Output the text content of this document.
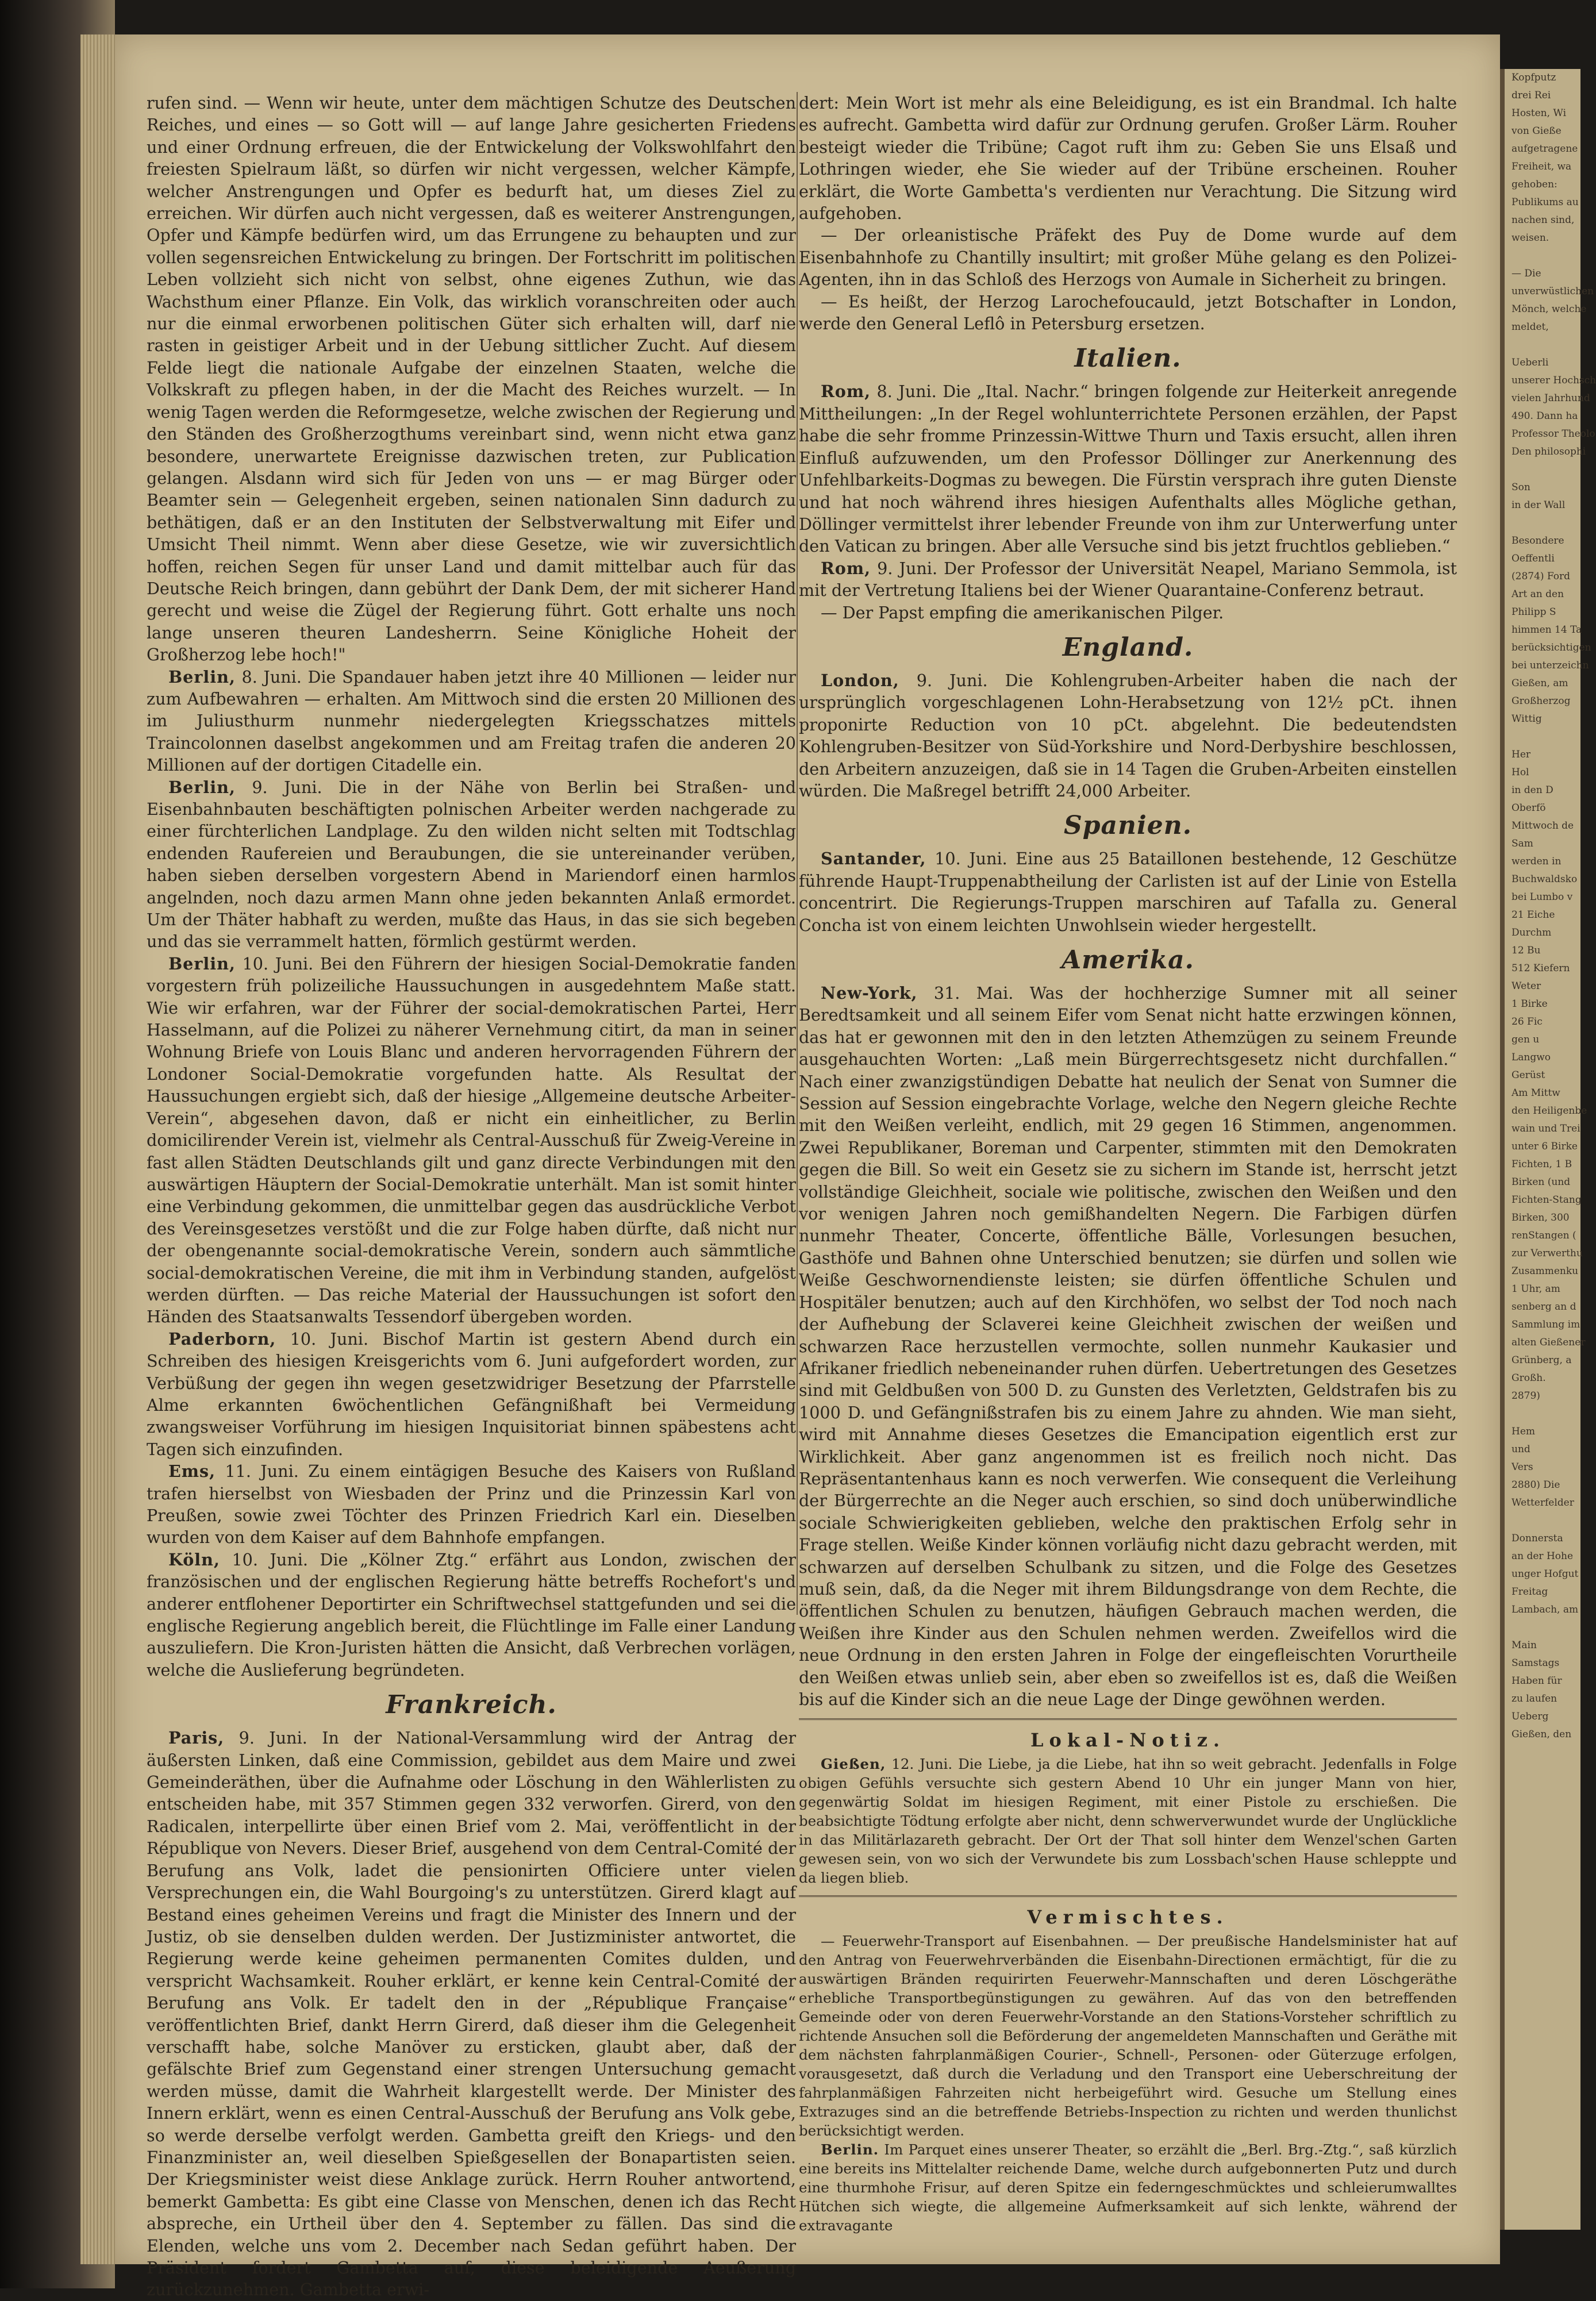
rufen sind. — Wenn wir heute, unter dem mächtigen Schutze des Deutschen Reiches, und eines — so Gott will — auf lange Jahre gesicherten Friedens und einer Ordnung erfreuen, die der Entwickelung der Volkswohlfahrt den freiesten Spielraum läßt, so dürfen wir nicht vergessen, welcher Kämpfe, welcher Anstrengungen und Opfer es bedurft hat, um dieses Ziel zu erreichen. Wir dürfen auch nicht vergessen, daß es weiterer Anstrengungen, Opfer und Kämpfe bedürfen wird, um das Errungene zu behaupten und zur vollen segensreichen Entwickelung zu bringen. Der Fortschritt im politischen Leben vollzieht sich nicht von selbst, ohne eigenes Zuthun, wie das Wachsthum einer Pflanze. Ein Volk, das wirklich voranschreiten oder auch nur die einmal erworbenen politischen Güter sich erhalten will, darf nie rasten in geistiger Arbeit und in der Uebung sittlicher Zucht. Auf diesem Felde liegt die nationale Aufgabe der einzelnen Staaten, welche die Volkskraft zu pflegen haben, in der die Macht des Reiches wurzelt. — In wenig Tagen werden die Reformgesetze, welche zwischen der Regierung und den Ständen des Großherzogthums vereinbart sind, wenn nicht etwa ganz besondere, unerwartete Ereignisse dazwischen treten, zur Publication gelangen. Alsdann wird sich für Jeden von uns — er mag Bürger oder Beamter sein — Gelegenheit ergeben, seinen nationalen Sinn dadurch zu bethätigen, daß er an den Instituten der Selbstverwaltung mit Eifer und Umsicht Theil nimmt. Wenn aber diese Gesetze, wie wir zuversichtlich hoffen, reichen Segen für unser Land und damit mittelbar auch für das Deutsche Reich bringen, dann gebührt der Dank Dem, der mit sicherer Hand gerecht und weise die Zügel der Regierung führt. Gott erhalte uns noch lange unseren theuren Landesherrn. Seine Königliche Hoheit der Großherzog lebe hoch!"

Berlin, 8. Juni. Die Spandauer haben jetzt ihre 40 Millionen — leider nur zum Aufbewahren — erhalten. Am Mittwoch sind die ersten 20 Millionen des im Juliusthurm nunmehr niedergelegten Kriegsschatzes mittels Traincolonnen daselbst angekommen und am Freitag trafen die anderen 20 Millionen auf der dortigen Citadelle ein.

Berlin, 9. Juni. Die in der Nähe von Berlin bei Straßen- und Eisenbahnbauten beschäftigten polnischen Arbeiter werden nachgerade zu einer fürchterlichen Landplage. Zu den wilden nicht selten mit Todtschlag endenden Raufereien und Beraubungen, die sie untereinander verüben, haben sieben derselben vorgestern Abend in Mariendorf einen harmlos angelnden, noch dazu armen Mann ohne jeden bekannten Anlaß ermordet. Um der Thäter habhaft zu werden, mußte das Haus, in das sie sich begeben und das sie verrammelt hatten, förmlich gestürmt werden.

Berlin, 10. Juni. Bei den Führern der hiesigen Social-Demokratie fanden vorgestern früh polizeiliche Haussuchungen in ausgedehntem Maße statt. Wie wir erfahren, war der Führer der social-demokratischen Partei, Herr Hasselmann, auf die Polizei zu näherer Vernehmung citirt, da man in seiner Wohnung Briefe von Louis Blanc und anderen hervorragenden Führern der Londoner Social-Demokratie vorgefunden hatte. Als Resultat der Haussuchungen ergiebt sich, daß der hiesige „Allgemeine deutsche Arbeiter-Verein“, abgesehen davon, daß er nicht ein einheitlicher, zu Berlin domicilirender Verein ist, vielmehr als Central-Ausschuß für Zweig-Vereine in fast allen Städten Deutschlands gilt und ganz directe Verbindungen mit den auswärtigen Häuptern der Social-Demokratie unterhält. Man ist somit hinter eine Verbindung gekommen, die unmittelbar gegen das ausdrückliche Verbot des Vereinsgesetzes verstößt und die zur Folge haben dürfte, daß nicht nur der obengenannte social-demokratische Verein, sondern auch sämmtliche social-demokratischen Vereine, die mit ihm in Verbindung standen, aufgelöst werden dürften. — Das reiche Material der Haussuchungen ist sofort den Händen des Staatsanwalts Tessendorf übergeben worden.

Paderborn, 10. Juni. Bischof Martin ist gestern Abend durch ein Schreiben des hiesigen Kreisgerichts vom 6. Juni aufgefordert worden, zur Verbüßung der gegen ihn wegen gesetzwidriger Besetzung der Pfarrstelle Alme erkannten 6wöchentlichen Gefängnißhaft bei Vermeidung zwangsweiser Vorführung im hiesigen Inquisitoriat binnen späbestens acht Tagen sich einzufinden.

Ems, 11. Juni. Zu einem eintägigen Besuche des Kaisers von Rußland trafen hierselbst von Wiesbaden der Prinz und die Prinzessin Karl von Preußen, sowie zwei Töchter des Prinzen Friedrich Karl ein. Dieselben wurden von dem Kaiser auf dem Bahnhofe empfangen.

Köln, 10. Juni. Die „Kölner Ztg.“ erfährt aus London, zwischen der französischen und der englischen Regierung hätte betreffs Rochefort's und anderer entflohener Deportirter ein Schriftwechsel stattgefunden und sei die englische Regierung angeblich bereit, die Flüchtlinge im Falle einer Landung auszuliefern. Die Kron-Juristen hätten die Ansicht, daß Verbrechen vorlägen, welche die Auslieferung begründeten.

Frankreich.

Paris, 9. Juni. In der National-Versammlung wird der Antrag der äußersten Linken, daß eine Commission, gebildet aus dem Maire und zwei Gemeinderäthen, über die Aufnahme oder Löschung in den Wählerlisten zu entscheiden habe, mit 357 Stimmen gegen 332 verworfen. Girerd, von den Radicalen, interpellirte über einen Brief vom 2. Mai, veröffentlicht in der République von Nevers. Dieser Brief, ausgehend von dem Central-Comité der Berufung ans Volk, ladet die pensionirten Officiere unter vielen Versprechungen ein, die Wahl Bourgoing's zu unterstützen. Girerd klagt auf Bestand eines geheimen Vereins und fragt die Minister des Innern und der Justiz, ob sie denselben dulden werden. Der Justizminister antwortet, die Regierung werde keine geheimen permanenten Comites dulden, und verspricht Wachsamkeit. Rouher erklärt, er kenne kein Central-Comité der Berufung ans Volk. Er tadelt den in der „République Française“ veröffentlichten Brief, dankt Herrn Girerd, daß dieser ihm die Gelegenheit verschafft habe, solche Manöver zu ersticken, glaubt aber, daß der gefälschte Brief zum Gegenstand einer strengen Untersuchung gemacht werden müsse, damit die Wahrheit klargestellt werde. Der Minister des Innern erklärt, wenn es einen Central-Ausschuß der Berufung ans Volk gebe, so werde derselbe verfolgt werden. Gambetta greift den Kriegs- und den Finanzminister an, weil dieselben Spießgesellen der Bonapartisten seien. Der Kriegsminister weist diese Anklage zurück. Herrn Rouher antwortend, bemerkt Gambetta: Es gibt eine Classe von Menschen, denen ich das Recht abspreche, ein Urtheil über den 4. September zu fällen. Das sind die Elenden, welche uns vom 2. December nach Sedan geführt haben. Der Präsident fordert Gambetta auf, diese beleidigende Aeußerung zurückzunehmen. Gambetta erwi-

dert: Mein Wort ist mehr als eine Beleidigung, es ist ein Brandmal. Ich halte es aufrecht. Gambetta wird dafür zur Ordnung gerufen. Großer Lärm. Rouher besteigt wieder die Tribüne; Cagot ruft ihm zu: Geben Sie uns Elsaß und Lothringen wieder, ehe Sie wieder auf der Tribüne erscheinen. Rouher erklärt, die Worte Gambetta's verdienten nur Verachtung. Die Sitzung wird aufgehoben.

— Der orleanistische Präfekt des Puy de Dome wurde auf dem Eisenbahnhofe zu Chantilly insultirt; mit großer Mühe gelang es den Polizei-Agenten, ihn in das Schloß des Herzogs von Aumale in Sicherheit zu bringen.

— Es heißt, der Herzog Larochefoucauld, jetzt Botschafter in London, werde den General Leflô in Petersburg ersetzen.

Italien.

Rom, 8. Juni. Die „Ital. Nachr.“ bringen folgende zur Heiterkeit anregende Mittheilungen: „In der Regel wohlunterrichtete Personen erzählen, der Papst habe die sehr fromme Prinzessin-Wittwe Thurn und Taxis ersucht, allen ihren Einfluß aufzuwenden, um den Professor Döllinger zur Anerkennung des Unfehlbarkeits-Dogmas zu bewegen. Die Fürstin versprach ihre guten Dienste und hat noch während ihres hiesigen Aufenthalts alles Mögliche gethan, Döllinger vermittelst ihrer lebender Freunde von ihm zur Unterwerfung unter den Vatican zu bringen. Aber alle Versuche sind bis jetzt fruchtlos geblieben.“

Rom, 9. Juni. Der Professor der Universität Neapel, Mariano Semmola, ist mit der Vertretung Italiens bei der Wiener Quarantaine-Conferenz betraut.

— Der Papst empfing die amerikanischen Pilger.

England.

London, 9. Juni. Die Kohlengruben-Arbeiter haben die nach der ursprünglich vorgeschlagenen Lohn-Herabsetzung von 12½ pCt. ihnen proponirte Reduction von 10 pCt. abgelehnt. Die bedeutendsten Kohlengruben-Besitzer von Süd-Yorkshire und Nord-Derbyshire beschlossen, den Arbeitern anzuzeigen, daß sie in 14 Tagen die Gruben-Arbeiten einstellen würden. Die Maßregel betrifft 24,000 Arbeiter.

Spanien.

Santander, 10. Juni. Eine aus 25 Bataillonen bestehende, 12 Geschütze führende Haupt-Truppenabtheilung der Carlisten ist auf der Linie von Estella concentrirt. Die Regierungs-Truppen marschiren auf Tafalla zu. General Concha ist von einem leichten Unwohlsein wieder hergestellt.

Amerika.

New-York, 31. Mai. Was der hochherzige Sumner mit all seiner Beredtsamkeit und all seinem Eifer vom Senat nicht hatte erzwingen können, das hat er gewonnen mit den in den letzten Athemzügen zu seinem Freunde ausgehauchten Worten: „Laß mein Bürgerrechtsgesetz nicht durchfallen.“ Nach einer zwanzigstündigen Debatte hat neulich der Senat von Sumner die Session auf Session eingebrachte Vorlage, welche den Negern gleiche Rechte mit den Weißen verleiht, endlich, mit 29 gegen 16 Stimmen, angenommen. Zwei Republikaner, Boreman und Carpenter, stimmten mit den Demokraten gegen die Bill. So weit ein Gesetz sie zu sichern im Stande ist, herrscht jetzt vollständige Gleichheit, sociale wie politische, zwischen den Weißen und den vor wenigen Jahren noch gemißhandelten Negern. Die Farbigen dürfen nunmehr Theater, Concerte, öffentliche Bälle, Vorlesungen besuchen, Gasthöfe und Bahnen ohne Unterschied benutzen; sie dürfen und sollen wie Weiße Geschwornendienste leisten; sie dürfen öffentliche Schulen und Hospitäler benutzen; auch auf den Kirchhöfen, wo selbst der Tod noch nach der Aufhebung der Sclaverei keine Gleichheit zwischen der weißen und schwarzen Race herzustellen vermochte, sollen nunmehr Kaukasier und Afrikaner friedlich nebeneinander ruhen dürfen. Uebertretungen des Gesetzes sind mit Geldbußen von 500 D. zu Gunsten des Verletzten, Geldstrafen bis zu 1000 D. und Gefängnißstrafen bis zu einem Jahre zu ahnden. Wie man sieht, wird mit Annahme dieses Gesetzes die Emancipation eigentlich erst zur Wirklichkeit. Aber ganz angenommen ist es freilich noch nicht. Das Repräsentantenhaus kann es noch verwerfen. Wie consequent die Verleihung der Bürgerrechte an die Neger auch erschien, so sind doch unüberwindliche sociale Schwierigkeiten geblieben, welche den praktischen Erfolg sehr in Frage stellen. Weiße Kinder können vorläufig nicht dazu gebracht werden, mit schwarzen auf derselben Schulbank zu sitzen, und die Folge des Gesetzes muß sein, daß, da die Neger mit ihrem Bildungsdrange von dem Rechte, die öffentlichen Schulen zu benutzen, häufigen Gebrauch machen werden, die Weißen ihre Kinder aus den Schulen nehmen werden. Zweifellos wird die neue Ordnung in den ersten Jahren in Folge der eingefleischten Vorurtheile den Weißen etwas unlieb sein, aber eben so zweifellos ist es, daß die Weißen bis auf die Kinder sich an die neue Lage der Dinge gewöhnen werden.

Lokal-Notiz.

Gießen, 12. Juni. Die Liebe, ja die Liebe, hat ihn so weit gebracht. Jedenfalls in Folge obigen Gefühls versuchte sich gestern Abend 10 Uhr ein junger Mann von hier, gegenwärtig Soldat im hiesigen Regiment, mit einer Pistole zu erschießen. Die beabsichtigte Tödtung erfolgte aber nicht, denn schwerverwundet wurde der Unglückliche in das Militärlazareth gebracht. Der Ort der That soll hinter dem Wenzel'schen Garten gewesen sein, von wo sich der Verwundete bis zum Lossbach'schen Hause schleppte und da liegen blieb.

Vermischtes.

— Feuerwehr-Transport auf Eisenbahnen. — Der preußische Handelsminister hat auf den Antrag von Feuerwehrverbänden die Eisenbahn-Directionen ermächtigt, für die zu auswärtigen Bränden requirirten Feuerwehr-Mannschaften und deren Löschgeräthe erhebliche Transportbegünstigungen zu gewähren. Auf das von den betreffenden Gemeinde oder von deren Feuerwehr-Vorstande an den Stations-Vorsteher schriftlich zu richtende Ansuchen soll die Beförderung der angemeldeten Mannschaften und Geräthe mit dem nächsten fahrplanmäßigen Courier-, Schnell-, Personen- oder Güterzuge erfolgen, vorausgesetzt, daß durch die Verladung und den Transport eine Ueberschreitung der fahrplanmäßigen Fahrzeiten nicht herbeigeführt wird. Gesuche um Stellung eines Extrazuges sind an die betreffende Betriebs-Inspection zu richten und werden thunlichst berücksichtigt werden.

Berlin. Im Parquet eines unserer Theater, so erzählt die „Berl. Brg.-Ztg.“, saß kürzlich eine bereits ins Mittelalter reichende Dame, welche durch aufgebonnerten Putz und durch eine thurmhohe Frisur, auf deren Spitze ein federngeschmücktes und schleierumwalltes Hütchen sich wiegte, die allgemeine Aufmerksamkeit auf sich lenkte, während der extravagante

Kopfputz
drei Rei
Hosten, Wi
von Gieße
aufgetragene
Freiheit, wa
gehoben:
Publikums au
nachen sind,
weisen.

— Die
unverwüstlichen
Mönch, welche
meldet,

Ueberli
unserer Hochsch
vielen Jahrhund
490. Dann ha
Professor Theolo
Den philosophi

Son
in der Wall

Besondere
Oeffentli
(2874) Ford
Art an den
Philipp S
himmen 14 Ta
berücksichtigen
bei unterzeichn
Gießen, am
Großherzog
Wittig

Her
Hol
in den D
Oberfö
Mittwoch de
Sam
werden in
Buchwaldsko
bei Lumbo v
21 Eiche
Durchm
12 Bu
512 Kiefern
Weter
1 Birke
26 Fic
gen u
Langwo
Gerüst
Am Mittw
den Heiligenbe
wain und Trei
unter 6 Birke
Fichten, 1 B
Birken (und
Fichten-Stang
Birken, 300
renStangen (
zur Verwerthu
Zusammenku
1 Uhr, am
senberg an d
Sammlung im
alten Gießener
Grünberg, a
Großh.
2879)

Hem
und
Vers
2880) Die
Wetterfelder

Donnersta
an der Hohe
unger Hofgut
Freitag
Lambach, am

Main
Samstags
Haben für
zu laufen
Ueberg
Gießen, den
